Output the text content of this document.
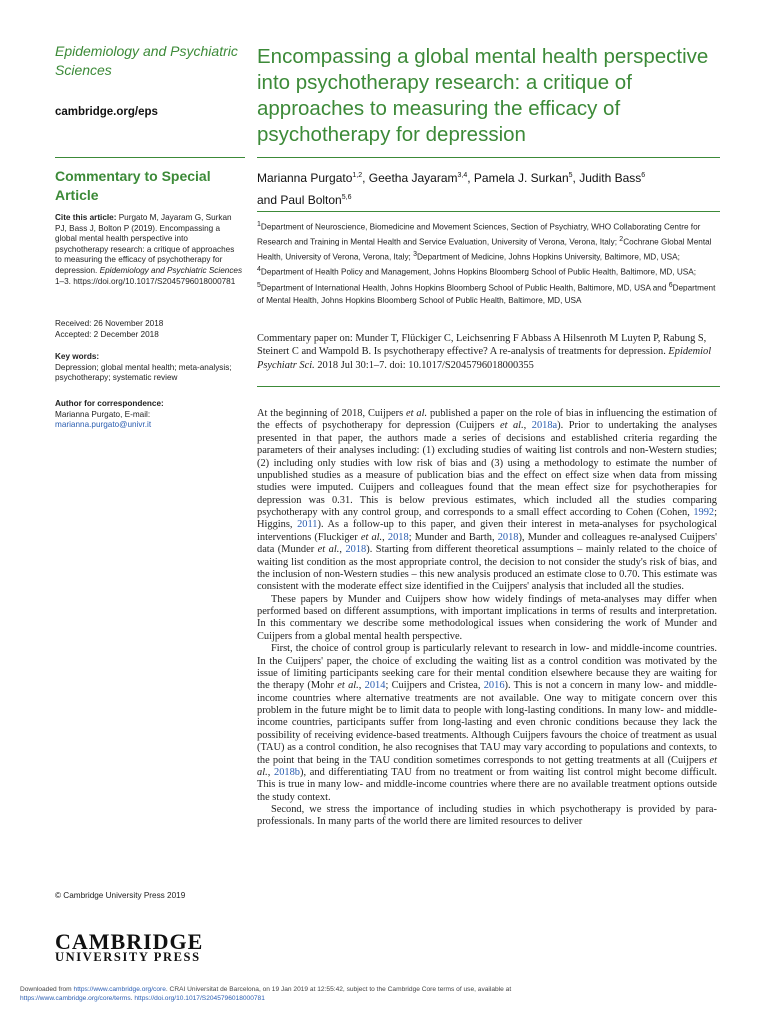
Epidemiology and Psychiatric Sciences
cambridge.org/eps
Encompassing a global mental health perspective into psychotherapy research: a critique of approaches to measuring the efficacy of psychotherapy for depression
Commentary to Special Article
Cite this article: Purgato M, Jayaram G, Surkan PJ, Bass J, Bolton P (2019). Encompassing a global mental health perspective into psychotherapy research: a critique of approaches to measuring the efficacy of psychotherapy for depression. Epidemiology and Psychiatric Sciences 1–3. https://doi.org/10.1017/S2045796018000781
Received: 26 November 2018
Accepted: 2 December 2018
Key words:
Depression; global mental health; meta-analysis; psychotherapy; systematic review
Author for correspondence:
Marianna Purgato, E-mail: marianna.purgato@univr.it
© Cambridge University Press 2019
CAMBRIDGE
UNIVERSITY PRESS
Marianna Purgato$^{1,2}$, Geetha Jayaram$^{3,4}$, Pamela J. Surkan$^5$, Judith Bass$^6$
and Paul Bolton$^{5,6}$
$^1$Department of Neuroscience, Biomedicine and Movement Sciences, Section of Psychiatry, WHO Collaborating Centre for Research and Training in Mental Health and Service Evaluation, University of Verona, Verona, Italy; $^2$Cochrane Global Mental Health, University of Verona, Verona, Italy; $^3$Department of Medicine, Johns Hopkins University, Baltimore, MD, USA; $^4$Department of Health Policy and Management, Johns Hopkins Bloomberg School of Public Health, Baltimore, MD, USA; $^5$Department of International Health, Johns Hopkins Bloomberg School of Public Health, Baltimore, MD, USA and $^6$Department of Mental Health, Johns Hopkins Bloomberg School of Public Health, Baltimore, MD, USA
Commentary paper on: Munder T, Flückiger C, Leichsenring F Abbass A Hilsenroth M Luyten P, Rabung S, Steinert C and Wampold B. Is psychotherapy effective? A re-analysis of treatments for depression. Epidemiol Psychiatr Sci. 2018 Jul 30:1–7. doi: 10.1017/S2045796018000355

At the beginning of 2018, Cuijpers et al. published a paper on the role of bias in influencing the estimation of the effects of psychotherapy for depression (Cuijpers et al., 2018a). Prior to undertaking the analyses presented in that paper, the authors made a series of decisions and established criteria regarding the parameters of their analyses including: (1) excluding studies of waiting list controls and non-Western studies; (2) including only studies with low risk of bias and (3) using a methodology to estimate the number of unpublished studies as a measure of publication bias and the effect on effect size when data from missing studies were imputed. Cuijpers and colleagues found that the mean effect size for psychotherapies for depression was 0.31. This is below previous estimates, which included all the studies comparing psychotherapy with any control group, and corresponds to a small effect according to Cohen (Cohen, 1992; Higgins, 2011). As a follow-up to this paper, and given their interest in meta-analyses for psychological interventions (Fluckiger et al., 2018; Munder and Barth, 2018), Munder and colleagues re-analysed Cuijpers' data (Munder et al., 2018). Starting from different theoretical assumptions – mainly related to the choice of waiting list condition as the most appropriate control, the decision to not consider the study's risk of bias, and the inclusion of non-Western studies – this new analysis produced an estimate close to 0.70. This estimate was consistent with the moderate effect size identified in the Cuijpers' analysis that included all the studies.

These papers by Munder and Cuijpers show how widely findings of meta-analyses may differ when performed based on different assumptions, with important implications in terms of results and interpretation. In this commentary we describe some methodological issues when considering the work of Munder and Cuijpers from a global mental health perspective.

First, the choice of control group is particularly relevant to research in low- and middle-income countries. In the Cuijpers' paper, the choice of excluding the waiting list as a control condition was motivated by the issue of limiting participants seeking care for their mental condition elsewhere because they are waiting for the therapy (Mohr et al., 2014; Cuijpers and Cristea, 2016). This is not a concern in many low- and middle-income countries where alternative treatments are not available. One way to mitigate concern over this problem in the future might be to limit data to people with long-lasting conditions. In many low- and middle-income countries, participants suffer from long-lasting and even chronic conditions because they lack the possibility of receiving evidence-based treatments. Although Cuijpers favours the choice of treatment as usual (TAU) as a control condition, he also recognises that TAU may vary according to populations and contexts, to the point that being in the TAU condition sometimes corresponds to not getting treatments at all (Cuijpers et al., 2018b), and differentiating TAU from no treatment or from waiting list control might become difficult. This is true in many low- and middle-income countries where there are no available treatment options outside the study context.

Second, we stress the importance of including studies in which psychotherapy is provided by para-professionals. In many parts of the world there are limited resources to deliver

Downloaded from https://www.cambridge.org/core. CRAI Universitat de Barcelona, on 19 Jan 2019 at 12:55:42, subject to the Cambridge Core terms of use, available at
https://www.cambridge.org/core/terms. https://doi.org/10.1017/S2045796018000781
